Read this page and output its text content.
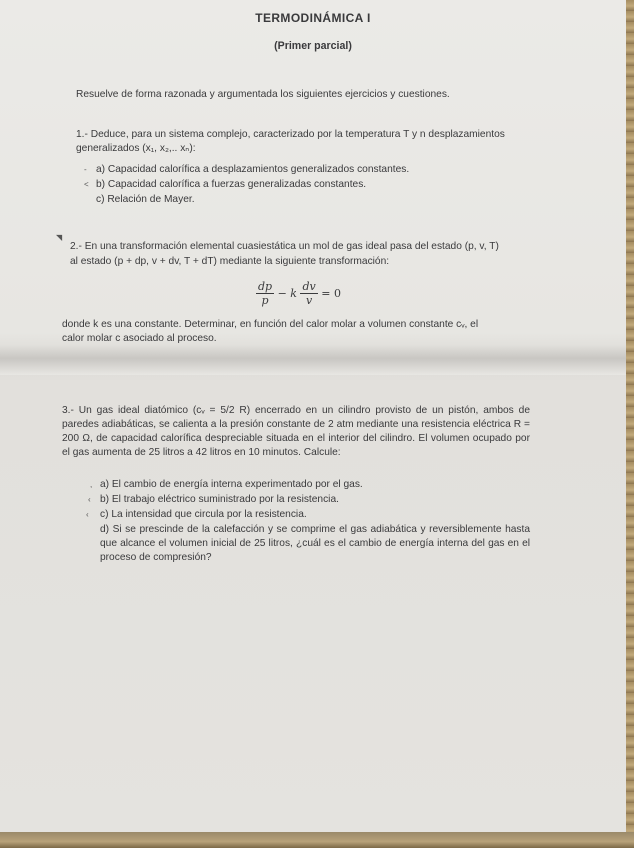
TERMODINÁMICA I
(Primer parcial)
Resuelve de forma razonada y argumentada los siguientes ejercicios y cuestiones.
1.- Deduce, para un sistema complejo, caracterizado por la temperatura T y n desplazamientos
generalizados (x₁, x₂,.. xₙ):
- a) Capacidad calorífica a desplazamientos generalizados constantes.
< b) Capacidad calorífica a fuerzas generalizadas constantes.
c) Relación de Mayer.
◥
2.- En una transformación elemental cuasiestática un mol de gas ideal pasa del estado (p, v, T)
al estado (p + dp, v + dv, T + dT) mediante la siguiente transformación:
$\frac{dp}{p} - k \frac{dv}{v} = 0$
donde k es una constante. Determinar, en función del calor molar a volumen constante cᵥ, el
calor molar c asociado al proceso.
3.- Un gas ideal diatómico (cᵥ = 5/2 R) encerrado en un cilindro provisto de un pistón, ambos de paredes adiabáticas, se calienta a la presión constante de 2 atm mediante una resistencia eléctrica R = 200 Ω, de capacidad calorífica despreciable situada en el interior del cilindro. El volumen ocupado por el gas aumenta de 25 litros a 42 litros en 10 minutos. Calcule:
, a) El cambio de energía interna experimentado por el gas.
‹ b) El trabajo eléctrico suministrado por la resistencia.
‹ c) La intensidad que circula por la resistencia.
d) Si se prescinde de la calefacción y se comprime el gas adiabática y reversiblemente hasta que alcance el volumen inicial de 25 litros, ¿cuál es el cambio de energía interna del gas en el proceso de compresión?
